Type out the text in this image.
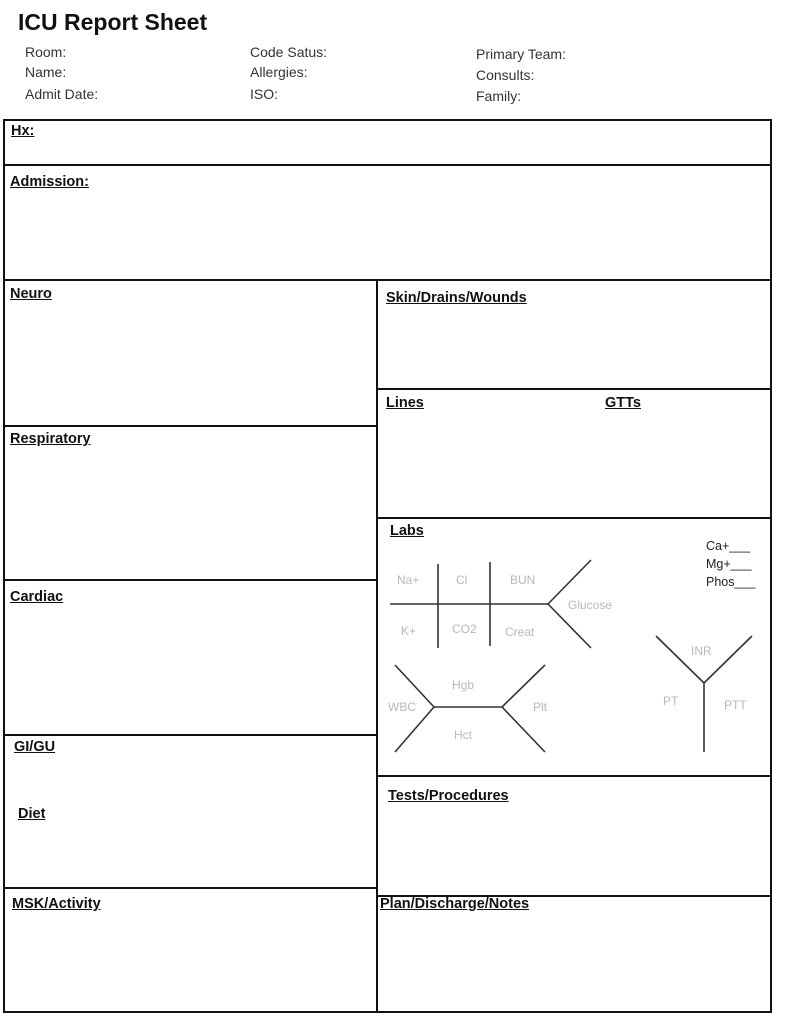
ICU Report Sheet
Room:
Name:
Admit Date:
Code Satus:
Allergies:
ISO:
Primary Team:
Consults:
Family:
Hx:
Admission:
Neuro
Respiratory
Cardiac
GI/GU
Diet
MSK/Activity
Skin/Drains/Wounds
Lines	GTTs
Labs
Tests/Procedures
Plan/Discharge/Notes
Na+	Cl	BUN
K+	CO2 Creat
Glucose
Hgb
WBC	Plt
Hct
INR
PT	PTT
Ca+___
Mg+___
Phos___
